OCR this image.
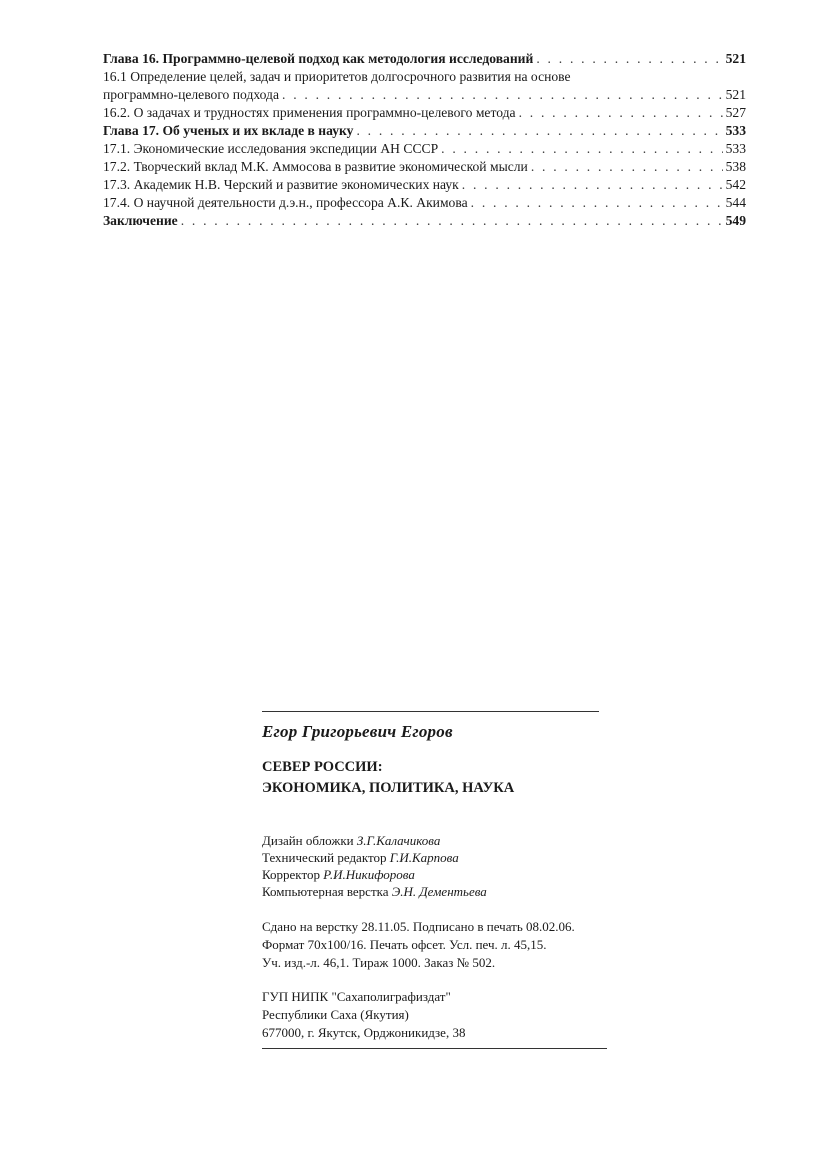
Глава 16. Программно-целевой подход как методология исследований . . .	521
16.1 Определение целей, задач и приоритетов долгосрочного развития на основе
программно-целевого подхода . . .	521
16.2. О задачах и трудностях применения программно-целевого метода . . .	527
Глава 17. Об ученых и их вкладе в науку . . .	533
17.1. Экономические исследования экспедиции АН СССР . . .	533
17.2. Творческий вклад М.К. Аммосова в развитие экономической мысли . . .	538
17.3. Академик Н.В. Черский и развитие экономических наук . . .	542
17.4. О научной деятельности д.э.н., профессора А.К. Акимова . . .	544
Заключение . . .	549
Егор Григорьевич Егоров
СЕВЕР РОССИИ:
ЭКОНОМИКА, ПОЛИТИКА, НАУКА
Дизайн обложки З.Г.Калачикова
Технический редактор Г.И.Карпова
Корректор Р.И.Никифорова
Компьютерная верстка Э.Н. Дементьева
Сдано на верстку 28.11.05. Подписано в печать 08.02.06.
Формат 70x100/16. Печать офсет. Усл. печ. л. 45,15.
Уч. изд.-л. 46,1. Тираж 1000. Заказ № 502.
ГУП НИПК "Сахаполиграфиздат"
Республики Саха (Якутия)
677000, г. Якутск, Орджоникидзе, 38
